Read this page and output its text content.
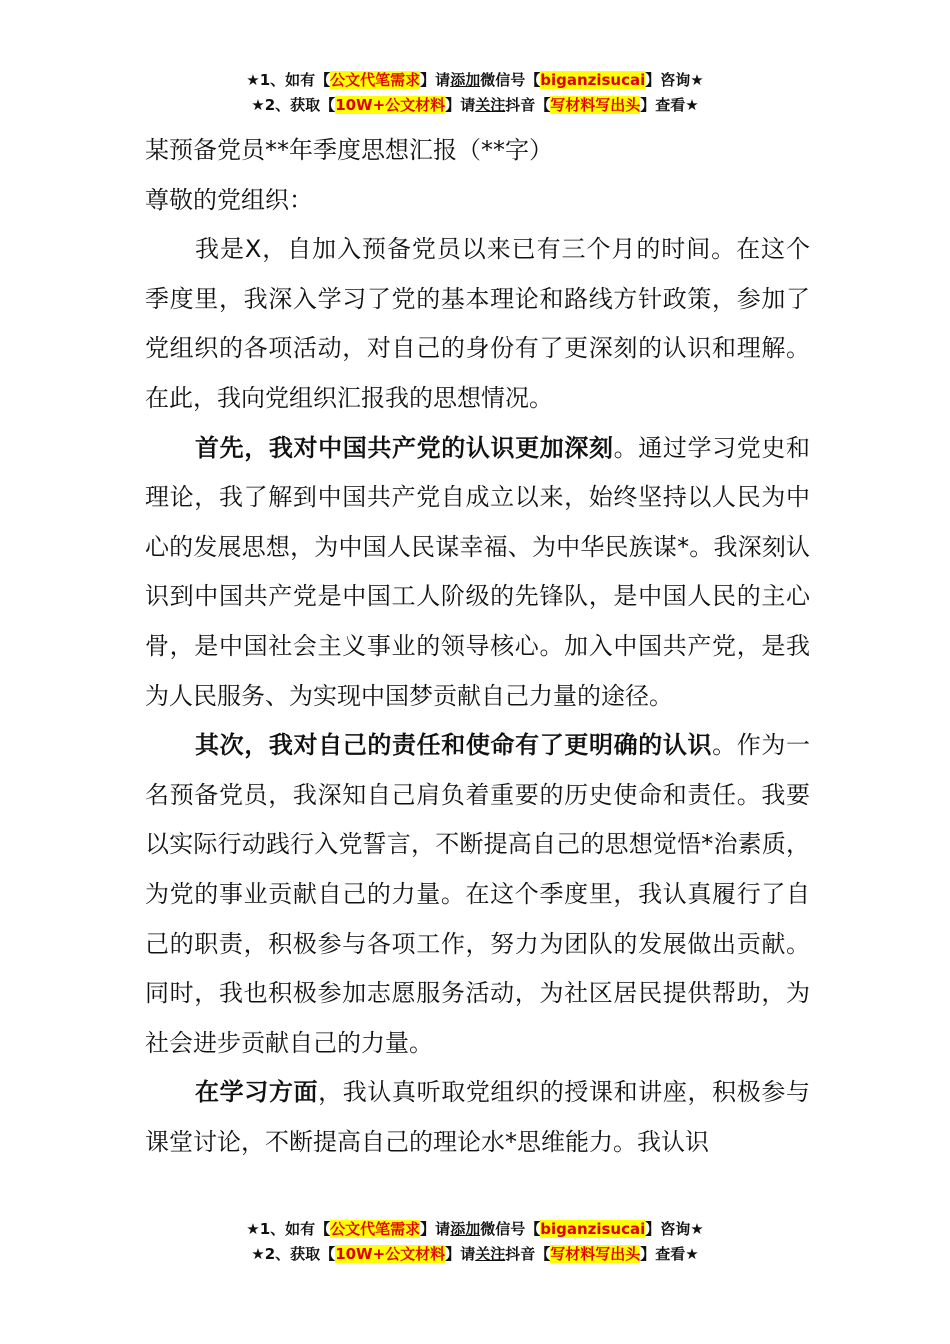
★1、如有【公文代笔需求】请添加微信号【biganzisucai】咨询★
★2、获取【10W+公文材料】请关注抖音【写材料写出头】查看★

某预备党员**年季度思想汇报（**字）

尊敬的党组织：

我是X，自加入预备党员以来已有三个月的时间。在这个季度里，我深入学习了党的基本理论和路线方针政策，参加了党组织的各项活动，对自己的身份有了更深刻的认识和理解。在此，我向党组织汇报我的思想情况。

首先，我对中国共产党的认识更加深刻。通过学习党史和理论，我了解到中国共产党自成立以来，始终坚持以人民为中心的发展思想，为中国人民谋幸福、为中华民族谋*。我深刻认识到中国共产党是中国工人阶级的先锋队，是中国人民的主心骨，是中国社会主义事业的领导核心。加入中国共产党，是我为人民服务、为实现中国梦贡献自己力量的途径。

其次，我对自己的责任和使命有了更明确的认识。作为一名预备党员，我深知自己肩负着重要的历史使命和责任。我要以实际行动践行入党誓言，不断提高自己的思想觉悟*治素质，为党的事业贡献自己的力量。在这个季度里，我认真履行了自己的职责，积极参与各项工作，努力为团队的发展做出贡献。同时，我也积极参加志愿服务活动，为社区居民提供帮助，为社会进步贡献自己的力量。

在学习方面，我认真听取党组织的授课和讲座，积极参与课堂讨论，不断提高自己的理论水*思维能力。我认识

★1、如有【公文代笔需求】请添加微信号【biganzisucai】咨询★
★2、获取【10W+公文材料】请关注抖音【写材料写出头】查看★
